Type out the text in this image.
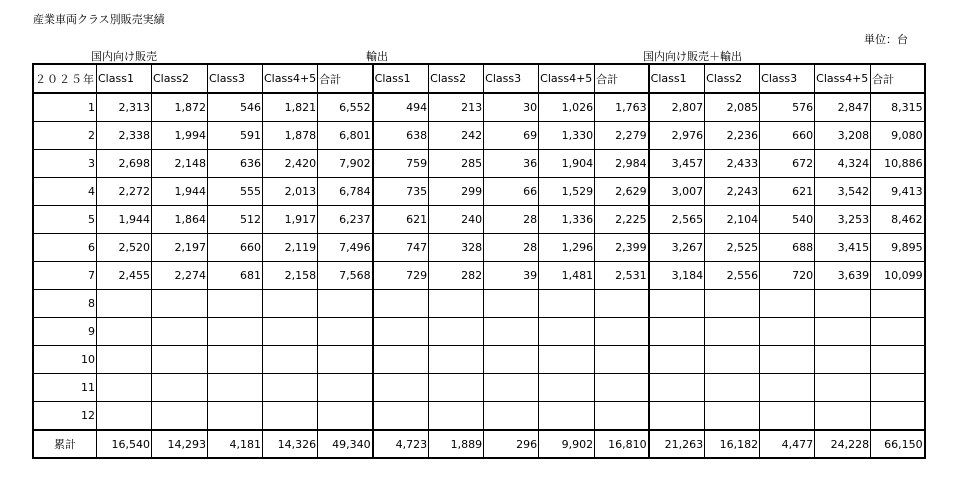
産業車両クラス別販売実績
単位：台
国内向け販売	輸出	国内向け販売＋輸出
２０２５年	Class1	Class2	Class3	Class4+5	合計	Class1	Class2	Class3	Class4+5	合計	Class1	Class2	Class3	Class4+5	合計
1	2,313	1,872	546	1,821	6,552	494	213	30	1,026	1,763	2,807	2,085	576	2,847	8,315
2	2,338	1,994	591	1,878	6,801	638	242	69	1,330	2,279	2,976	2,236	660	3,208	9,080
3	2,698	2,148	636	2,420	7,902	759	285	36	1,904	2,984	3,457	2,433	672	4,324	10,886
4	2,272	1,944	555	2,013	6,784	735	299	66	1,529	2,629	3,007	2,243	621	3,542	9,413
5	1,944	1,864	512	1,917	6,237	621	240	28	1,336	2,225	2,565	2,104	540	3,253	8,462
6	2,520	2,197	660	2,119	7,496	747	328	28	1,296	2,399	3,267	2,525	688	3,415	9,895
7	2,455	2,274	681	2,158	7,568	729	282	39	1,481	2,531	3,184	2,556	720	3,639	10,099
8															
9															
10															
11															
12															
累計	16,540	14,293	4,181	14,326	49,340	4,723	1,889	296	9,902	16,810	21,263	16,182	4,477	24,228	66,150
